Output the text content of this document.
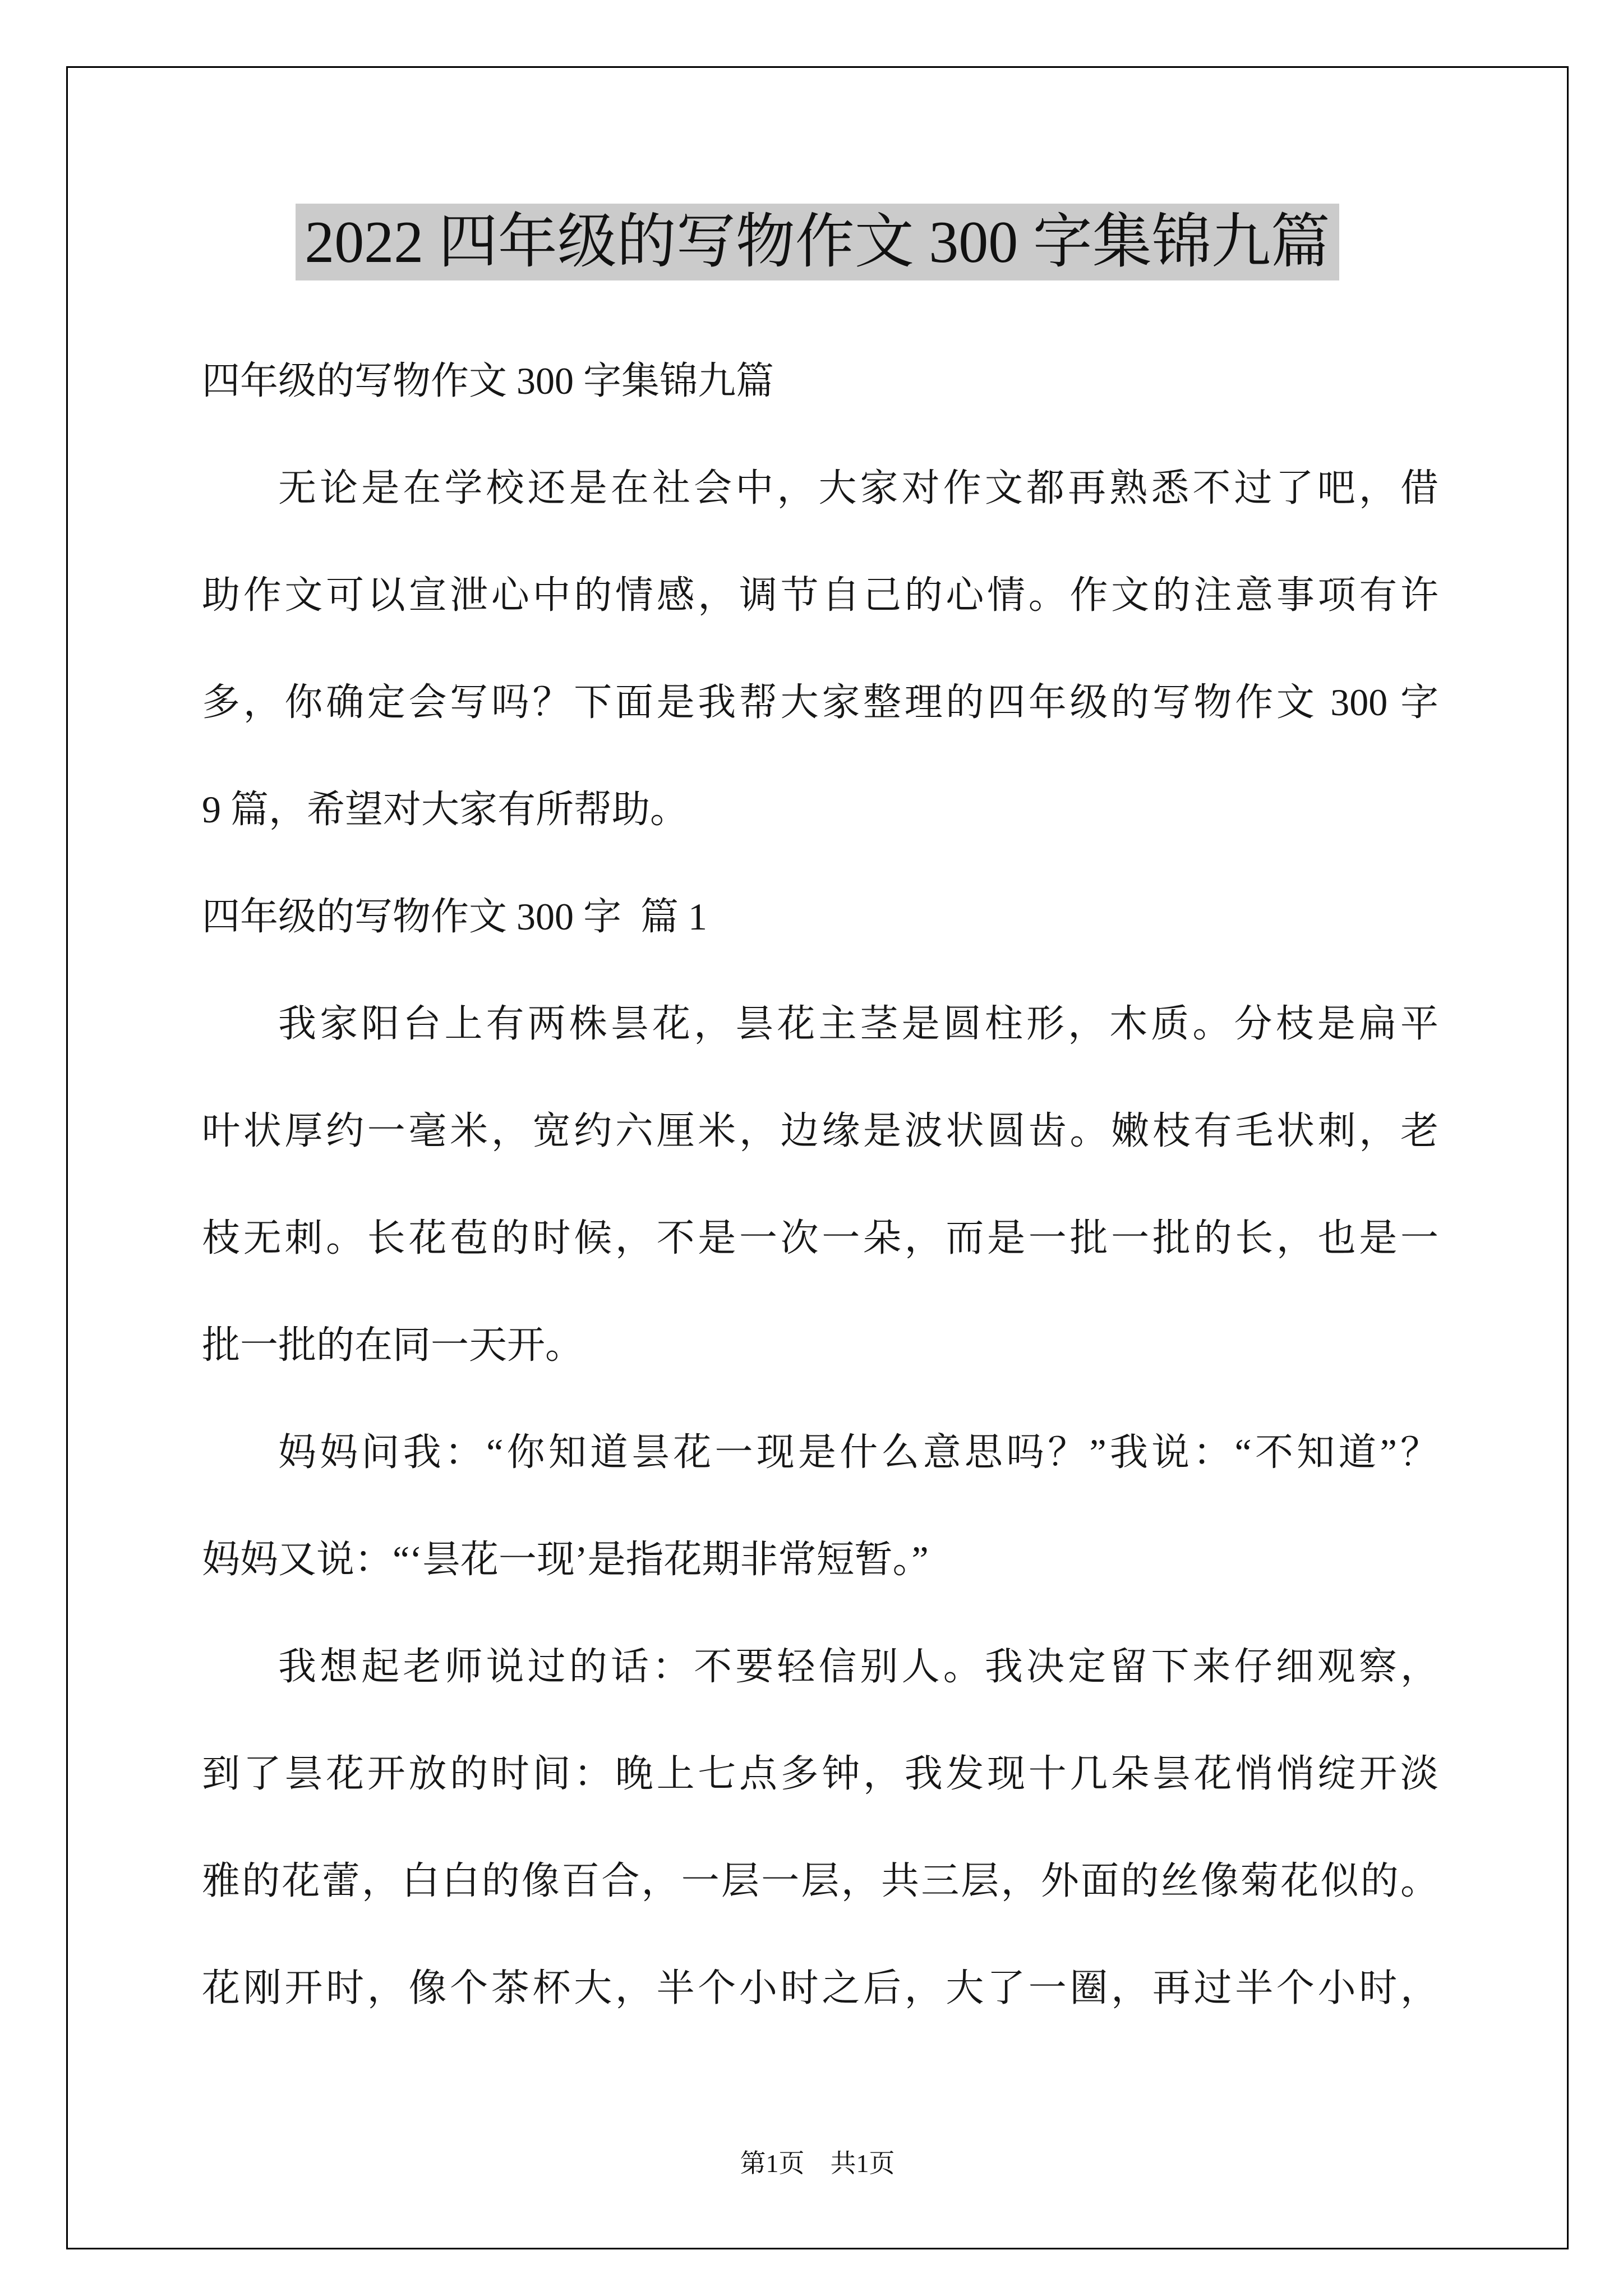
2022 四年级的写物作文 300 字集锦九篇
四年级的写物作文 300 字集锦九篇
无论是在学校还是在社会中，大家对作文都再熟悉不过了吧，借
助作文可以宣泄心中的情感，调节自己的心情。作文的注意事项有许
多，你确定会写吗？下面是我帮大家整理的四年级的写物作文 300 字
9 篇，希望对大家有所帮助。
四年级的写物作文 300 字  篇 1
我家阳台上有两株昙花，昙花主茎是圆柱形，木质。分枝是扁平
叶状厚约一毫米，宽约六厘米，边缘是波状圆齿。嫩枝有毛状刺，老
枝无刺。长花苞的时候，不是一次一朵，而是一批一批的长，也是一
批一批的在同一天开。
妈妈问我：“你知道昙花一现是什么意思吗？”我说：“不知道”？
妈妈又说：“‘昙花一现’是指花期非常短暂。”
我想起老师说过的话：不要轻信别人。我决定留下来仔细观察，
到了昙花开放的时间：晚上七点多钟，我发现十几朵昙花悄悄绽开淡
雅的花蕾，白白的像百合，一层一层，共三层，外面的丝像菊花似的。
花刚开时，像个茶杯大，半个小时之后，大了一圈，再过半个小时，
第1页　共1页
